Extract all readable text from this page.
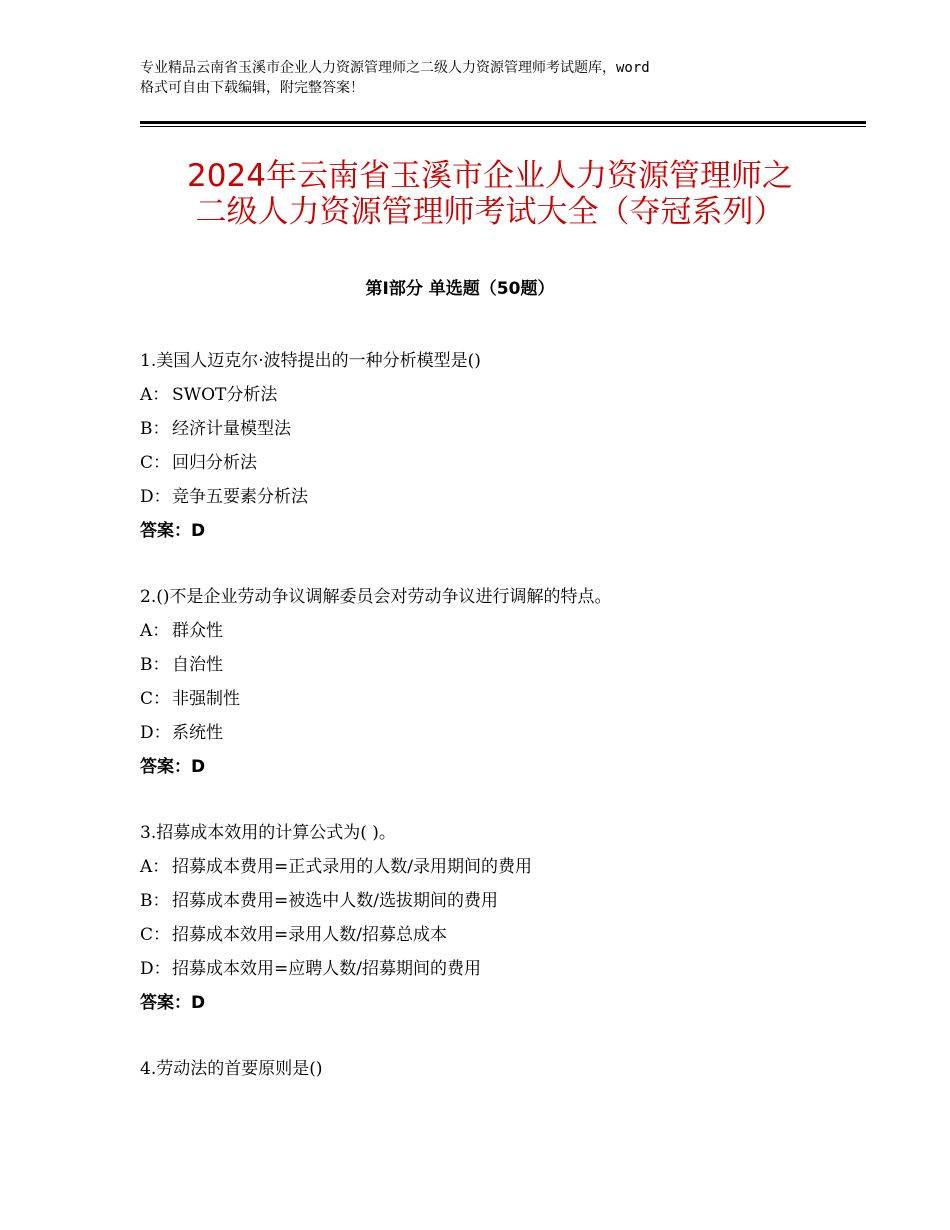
专业精品云南省玉溪市企业人力资源管理师之二级人力资源管理师考试题库，word
格式可自由下载编辑，附完整答案！
2024年云南省玉溪市企业人力资源管理师之
二级人力资源管理师考试大全（夺冠系列）
第Ⅰ部分 单选题（50题）
1.美国人迈克尔·波特提出的一种分析模型是()
A： SWOT分析法
B： 经济计量模型法
C： 回归分析法
D：竞争五要素分析法
答案：D
2.()不是企业劳动争议调解委员会对劳动争议进行调解的特点。
A： 群众性
B： 自治性
C： 非强制性
D：系统性
答案：D
3.招募成本效用的计算公式为( )。
A： 招募成本费用=正式录用的人数/录用期间的费用
B： 招募成本费用=被选中人数/选拔期间的费用
C： 招募成本效用=录用人数/招募总成本
D：招募成本效用=应聘人数/招募期间的费用
答案：D
4.劳动法的首要原则是()
